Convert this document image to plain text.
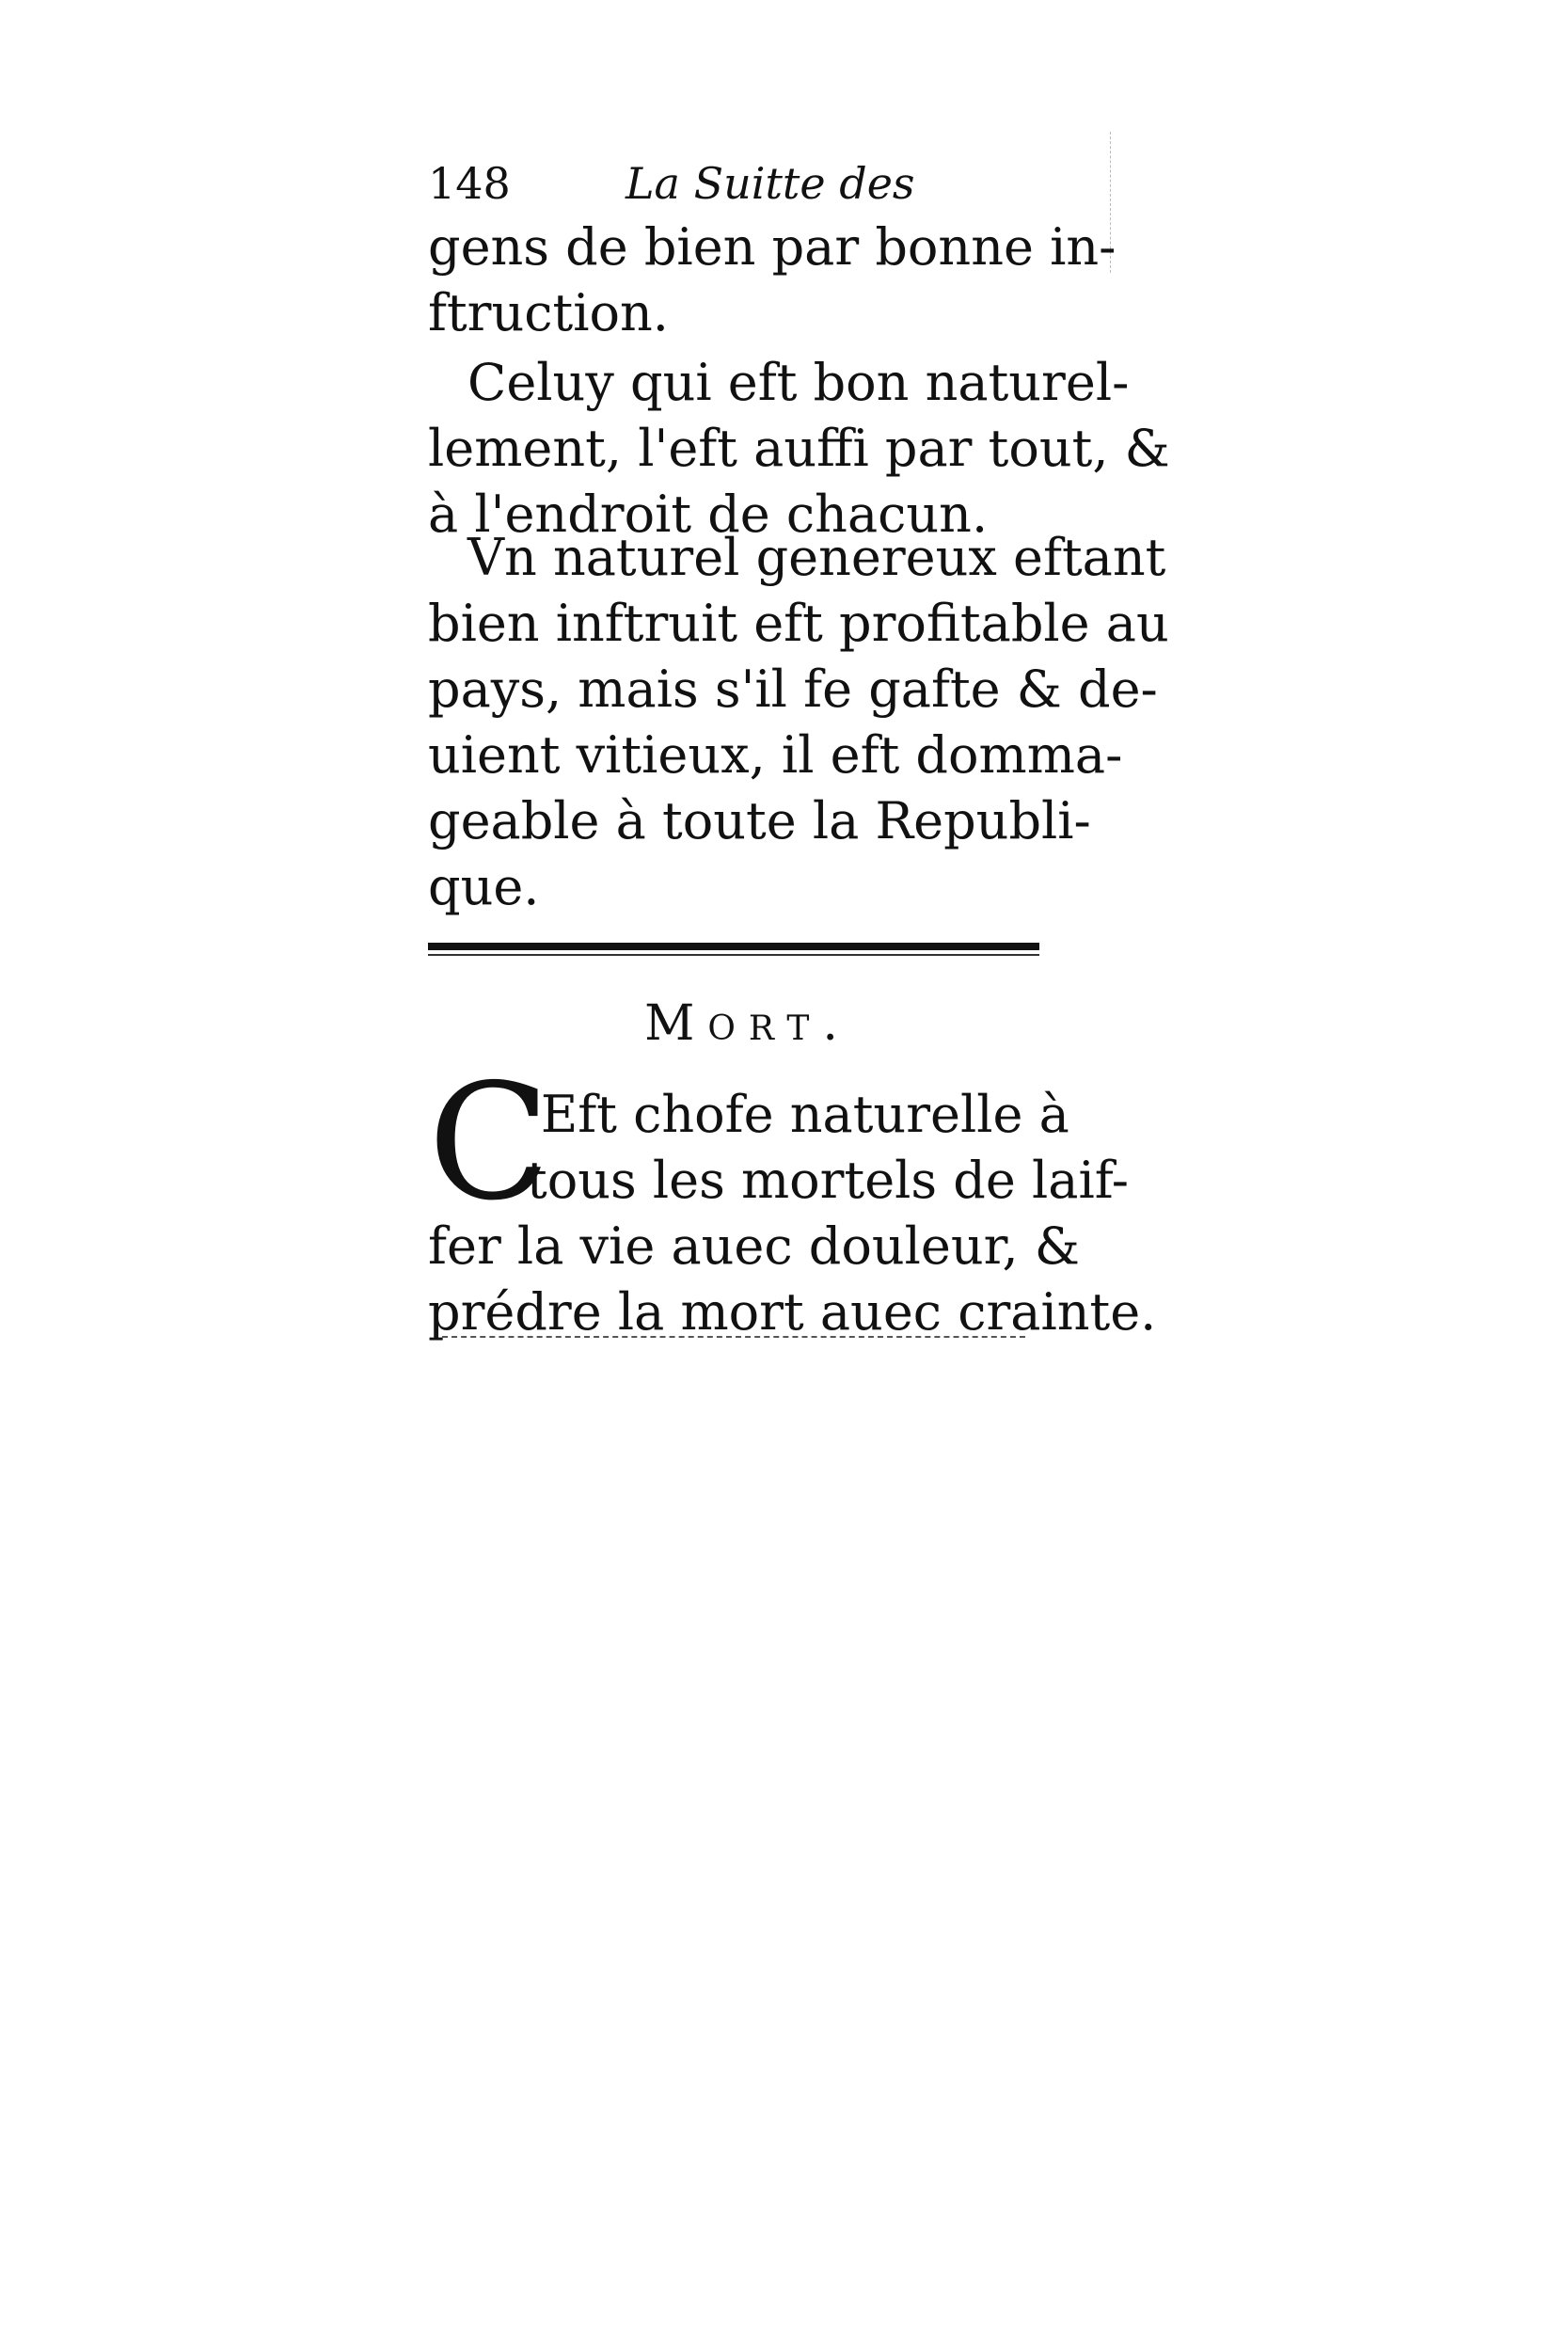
148	La Suitte des
gens de bien par bonne in-
ftruction.
Celuy qui eft bon naturel-
lement, l'eft auffi par tout, &
à l'endroit de chacun.
Vn naturel genereux eftant
bien inftruit eft profitable au
pays, mais s'il fe gafte & de-
uient vitieux, il eft domma-
geable à toute la Republi-
que.
Mort.
C
'Eft chofe naturelle à
tous les mortels de laif-
fer la vie auec douleur, &
prédre la mort auec crainte.
